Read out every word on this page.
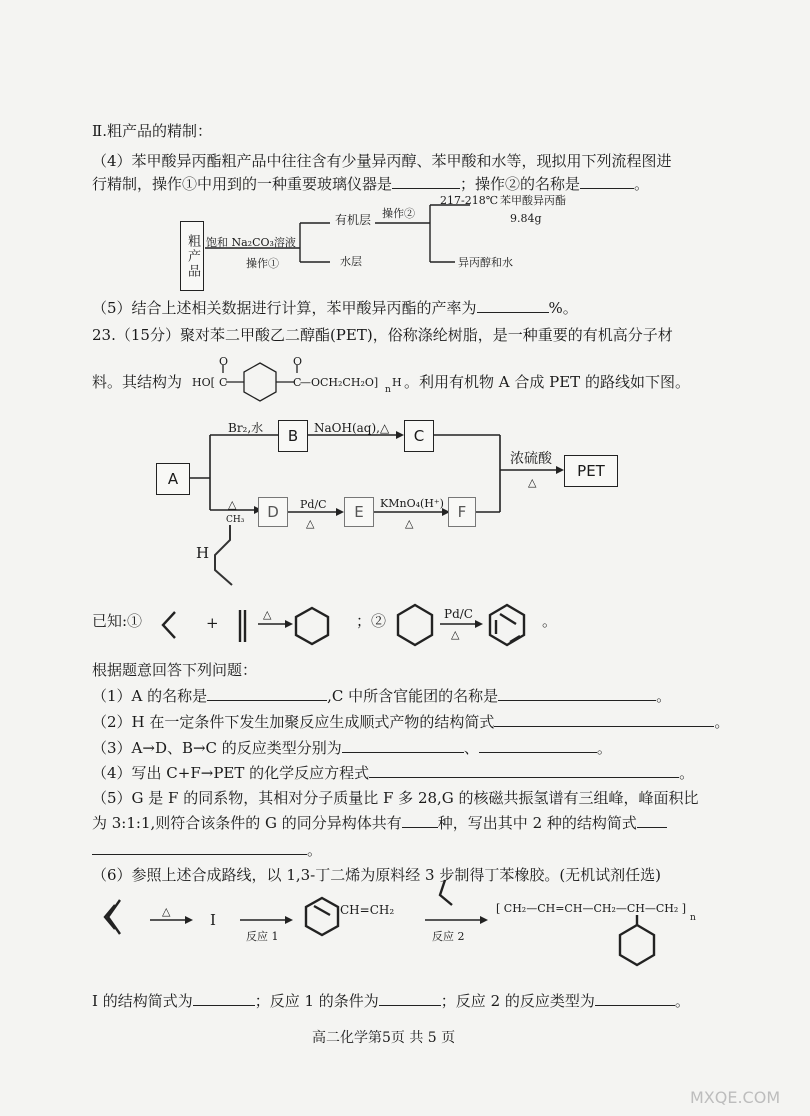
Ⅱ.粗产品的精制：
（4）苯甲酸异丙酯粗产品中往往含有少量异丙醇、苯甲酸和水等，现拟用下列流程图进
行精制，操作①中用到的一种重要玻璃仪器是	；操作②的名称是	。
粗产品 饱和 Na₂CO₃溶液
操作①
有机层 操作②
217-218℃ 苯甲酸异丙酯
9.84g
水层	异丙醇和水
（5）结合上述相关数据进行计算，苯甲酸异丙酯的产率为	%。
23.（15分）聚对苯二甲酸乙二醇酯(PET)，俗称涤纶树脂，是一种重要的有机高分子材
料。其结构为 HO[ C
O
C
O
—OCH₂CH₂O]
n
H 。利用有机物 A 合成 PET 的路线如下图。
A
B	C
PET
D	E	F
Br₂,水	NaOH(aq),△
浓硫酸
△
△	Pd/C
△
KMnO₄(H⁺)
△
CH₃
H
已知:①	+	△	；②	Pd/C
△
。
根据题意回答下列问题：
（1）A 的名称是	,C 中所含官能团的名称是	。
（2）H 在一定条件下发生加聚反应生成顺式产物的结构简式	。
（3）A→D、B→C 的反应类型分别为	、	。
（4）写出 C+F→PET 的化学反应方程式	。
（5）G 是 F 的同系物，其相对分子质量比 F 多 28,G 的核磁共振氢谱有三组峰，峰面积比
为 3:1:1,则符合该条件的 G 的同分异构体共有 种，写出其中 2 种的结构简式
。
（6）参照上述合成路线，以 1,3-丁二烯为原料经 3 步制得丁苯橡胶。(无机试剂任选)
△	I
反应 1
CH=CH₂
反应 2
[ CH₂—CH=CH—CH₂—CH—CH₂ ]
n
I 的结构简式为	；反应 1 的条件为	；反应 2 的反应类型为	。
高二化学第5页 共 5 页
MXQE.COM
